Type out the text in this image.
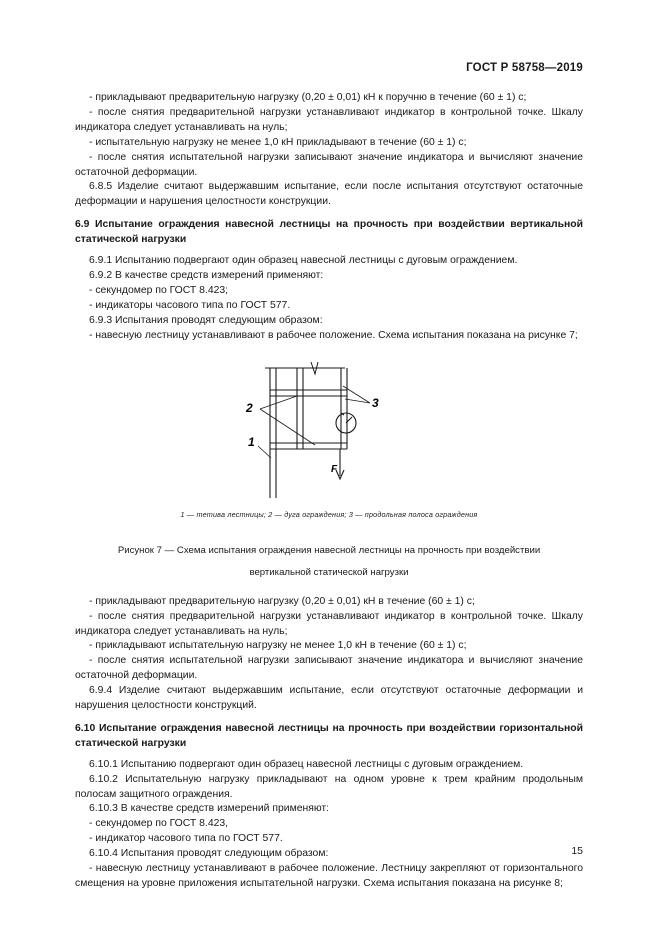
ГОСТ Р 58758—2019

- прикладывают предварительную нагрузку (0,20 ± 0,01) кН к поручню в течение (60 ± 1) с;

- после снятия предварительной нагрузки устанавливают индикатор в контрольной точке. Шкалу индикатора следует устанавливать на нуль;

- испытательную нагрузку не менее 1,0 кН прикладывают в течение (60 ± 1) с;

- после снятия испытательной нагрузки записывают значение индикатора и вычисляют значение остаточной деформации.

6.8.5 Изделие считают выдержавшим испытание, если после испытания отсутствуют остаточные деформации и нарушения целостности конструкции.

6.9 Испытание ограждения навесной лестницы на прочность при воздействии вертикальной статической нагрузки

6.9.1 Испытанию подвергают один образец навесной лестницы с дуговым ограждением.

6.9.2 В качестве средств измерений применяют:

- секундомер по ГОСТ 8.423;

- индикаторы часового типа по ГОСТ 577.

6.9.3 Испытания проводят следующим образом:

- навесную лестницу устанавливают в рабочее положение. Схема испытания показана на рисунке 7;

2	3
1
F
1 — тетива лестницы; 2 — дуга ограждения; 3 — продольная полоса ограждения

Рисунок 7 — Схема испытания ограждения навесной лестницы на прочность при воздействии

вертикальной статической нагрузки

- прикладывают предварительную нагрузку (0,20 ± 0,01) кН в течение (60 ± 1) с;

- после снятия предварительной нагрузки устанавливают индикатор в контрольной точке. Шкалу индикатора следует устанавливать на нуль;

- прикладывают испытательную нагрузку не менее 1,0 кН в течение (60 ± 1) с;

- после снятия испытательной нагрузки записывают значение индикатора и вычисляют значение остаточной деформации.

6.9.4 Изделие считают выдержавшим испытание, если отсутствуют остаточные деформации и нарушения целостности конструкций.

6.10 Испытание ограждения навесной лестницы на прочность при воздействии горизонтальной статической нагрузки

6.10.1 Испытанию подвергают один образец навесной лестницы с дуговым ограждением.

6.10.2 Испытательную нагрузку прикладывают на одном уровне к трем крайним продольным полосам защитного ограждения.

6.10.3 В качестве средств измерений применяют:

- секундомер по ГОСТ 8.423,

- индикатор часового типа по ГОСТ 577.

6.10.4 Испытания проводят следующим образом:

- навесную лестницу устанавливают в рабочее положение. Лестницу закрепляют от горизонтального смещения на уровне приложения испытательной нагрузки. Схема испытания показана на рисунке 8;

15
